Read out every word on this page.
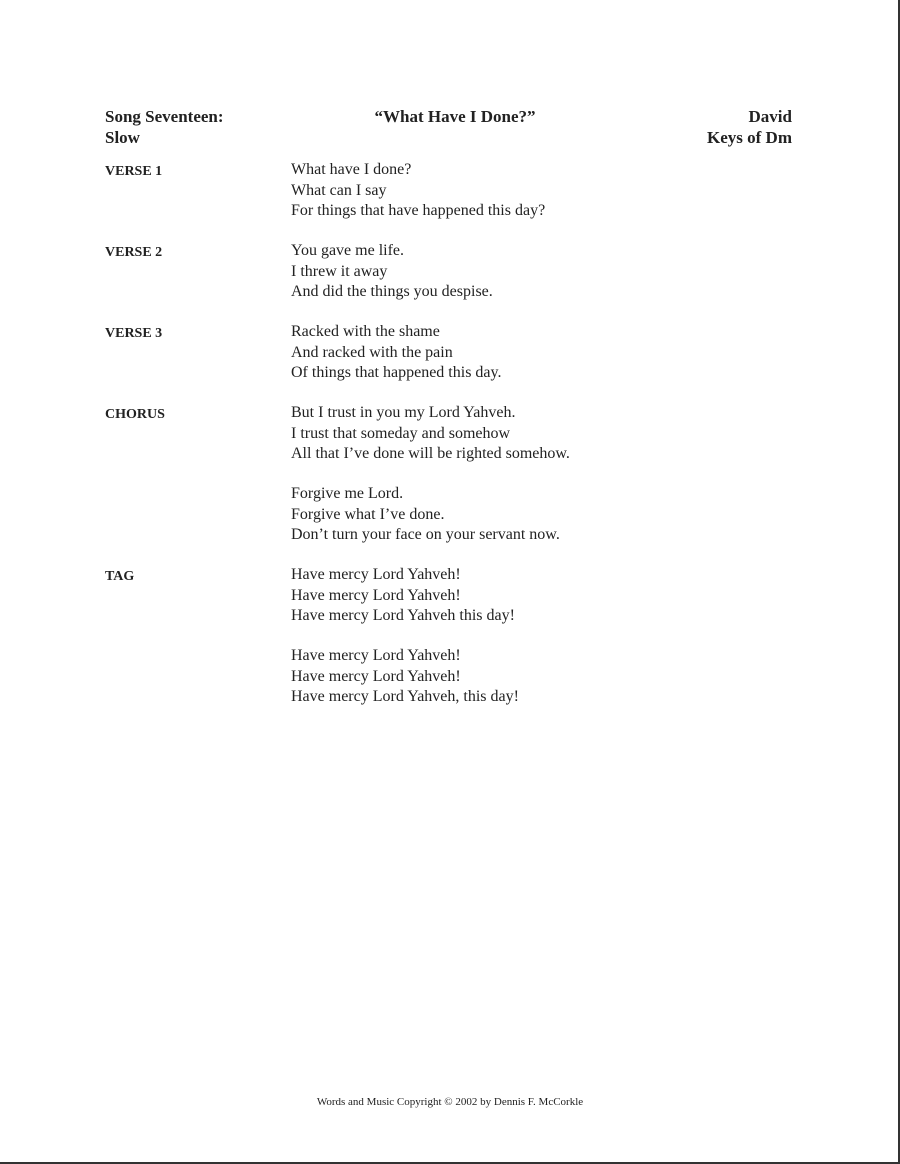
“What Have I Done?”
Song Seventeen:
Slow
David
Keys of Dm
VERSE 1	What have I done?
What can I say
For things that have happened this day?
VERSE 2	You gave me life.
I threw it away
And did the things you despise.
VERSE 3	Racked with the shame
And racked with the pain
Of things that happened this day.
CHORUS	But I trust in you my Lord Yahveh.
I trust that someday and somehow
All that I’ve done will be righted somehow.
Forgive me Lord.
Forgive what I’ve done.
Don’t turn your face on your servant now.
TAG	Have mercy Lord Yahveh!
Have mercy Lord Yahveh!
Have mercy Lord Yahveh this day!
Have mercy Lord Yahveh!
Have mercy Lord Yahveh!
Have mercy Lord Yahveh, this day!
Words and Music Copyright © 2002 by Dennis F. McCorkle
